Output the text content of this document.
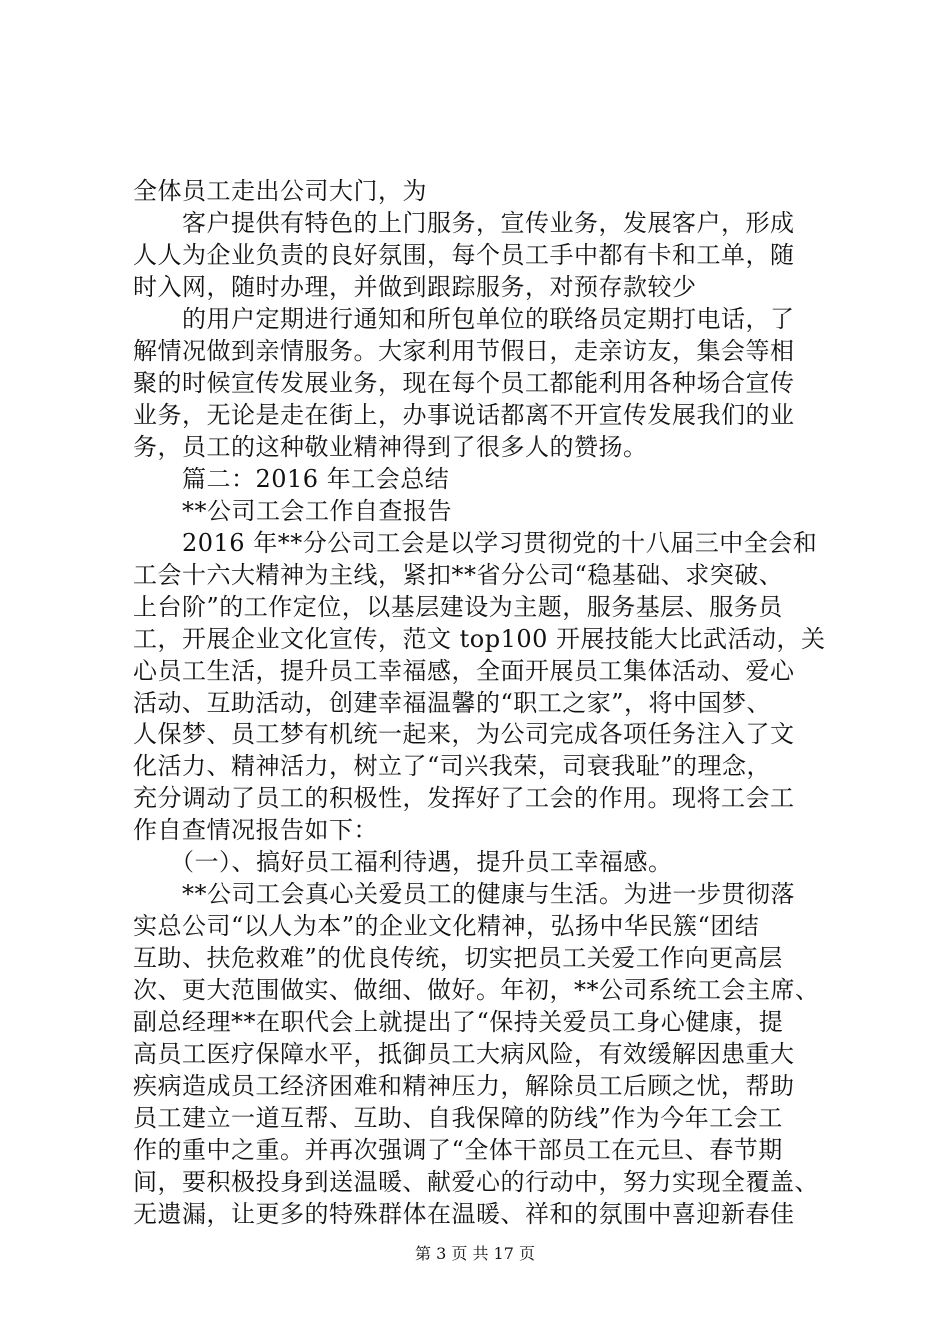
全体员工走出公司大门，为
　　客户提供有特色的上门服务，宣传业务，发展客户，形成
人人为企业负责的良好氛围，每个员工手中都有卡和工单，随
时入网，随时办理，并做到跟踪服务，对预存款较少
　　的用户定期进行通知和所包单位的联络员定期打电话，了
解情况做到亲情服务。大家利用节假日，走亲访友，集会等相
聚的时候宣传发展业务，现在每个员工都能利用各种场合宣传
业务，无论是走在街上，办事说话都离不开宣传发展我们的业
务，员工的这种敬业精神得到了很多人的赞扬。
　　篇二：2016 年工会总结
　　**公司工会工作自查报告
　　2016 年**分公司工会是以学习贯彻党的十八届三中全会和
工会十六大精神为主线，紧扣**省分公司“稳基础、求突破、
上台阶”的工作定位，以基层建设为主题，服务基层、服务员
工，开展企业文化宣传，范文 top100 开展技能大比武活动，关
心员工生活，提升员工幸福感，全面开展员工集体活动、爱心
活动、互助活动，创建幸福温馨的“职工之家”，将中国梦、
人保梦、员工梦有机统一起来，为公司完成各项任务注入了文
化活力、精神活力，树立了“司兴我荣，司衰我耻”的理念，
充分调动了员工的积极性，发挥好了工会的作用。现将工会工
作自查情况报告如下：
　　（一）、搞好员工福利待遇，提升员工幸福感。
　　**公司工会真心关爱员工的健康与生活。为进一步贯彻落
实总公司“以人为本”的企业文化精神，弘扬中华民簇“团结
互助、扶危救难”的优良传统，切实把员工关爱工作向更高层
次、更大范围做实、做细、做好。年初，**公司系统工会主席、
副总经理**在职代会上就提出了“保持关爱员工身心健康，提
高员工医疗保障水平，抵御员工大病风险，有效缓解因患重大
疾病造成员工经济困难和精神压力，解除员工后顾之忧，帮助
员工建立一道互帮、互助、自我保障的防线”作为今年工会工
作的重中之重。并再次强调了“全体干部员工在元旦、春节期
间，要积极投身到送温暖、献爱心的行动中，努力实现全覆盖、
无遗漏，让更多的特殊群体在温暖、祥和的氛围中喜迎新春佳
第 3 页 共 17 页
